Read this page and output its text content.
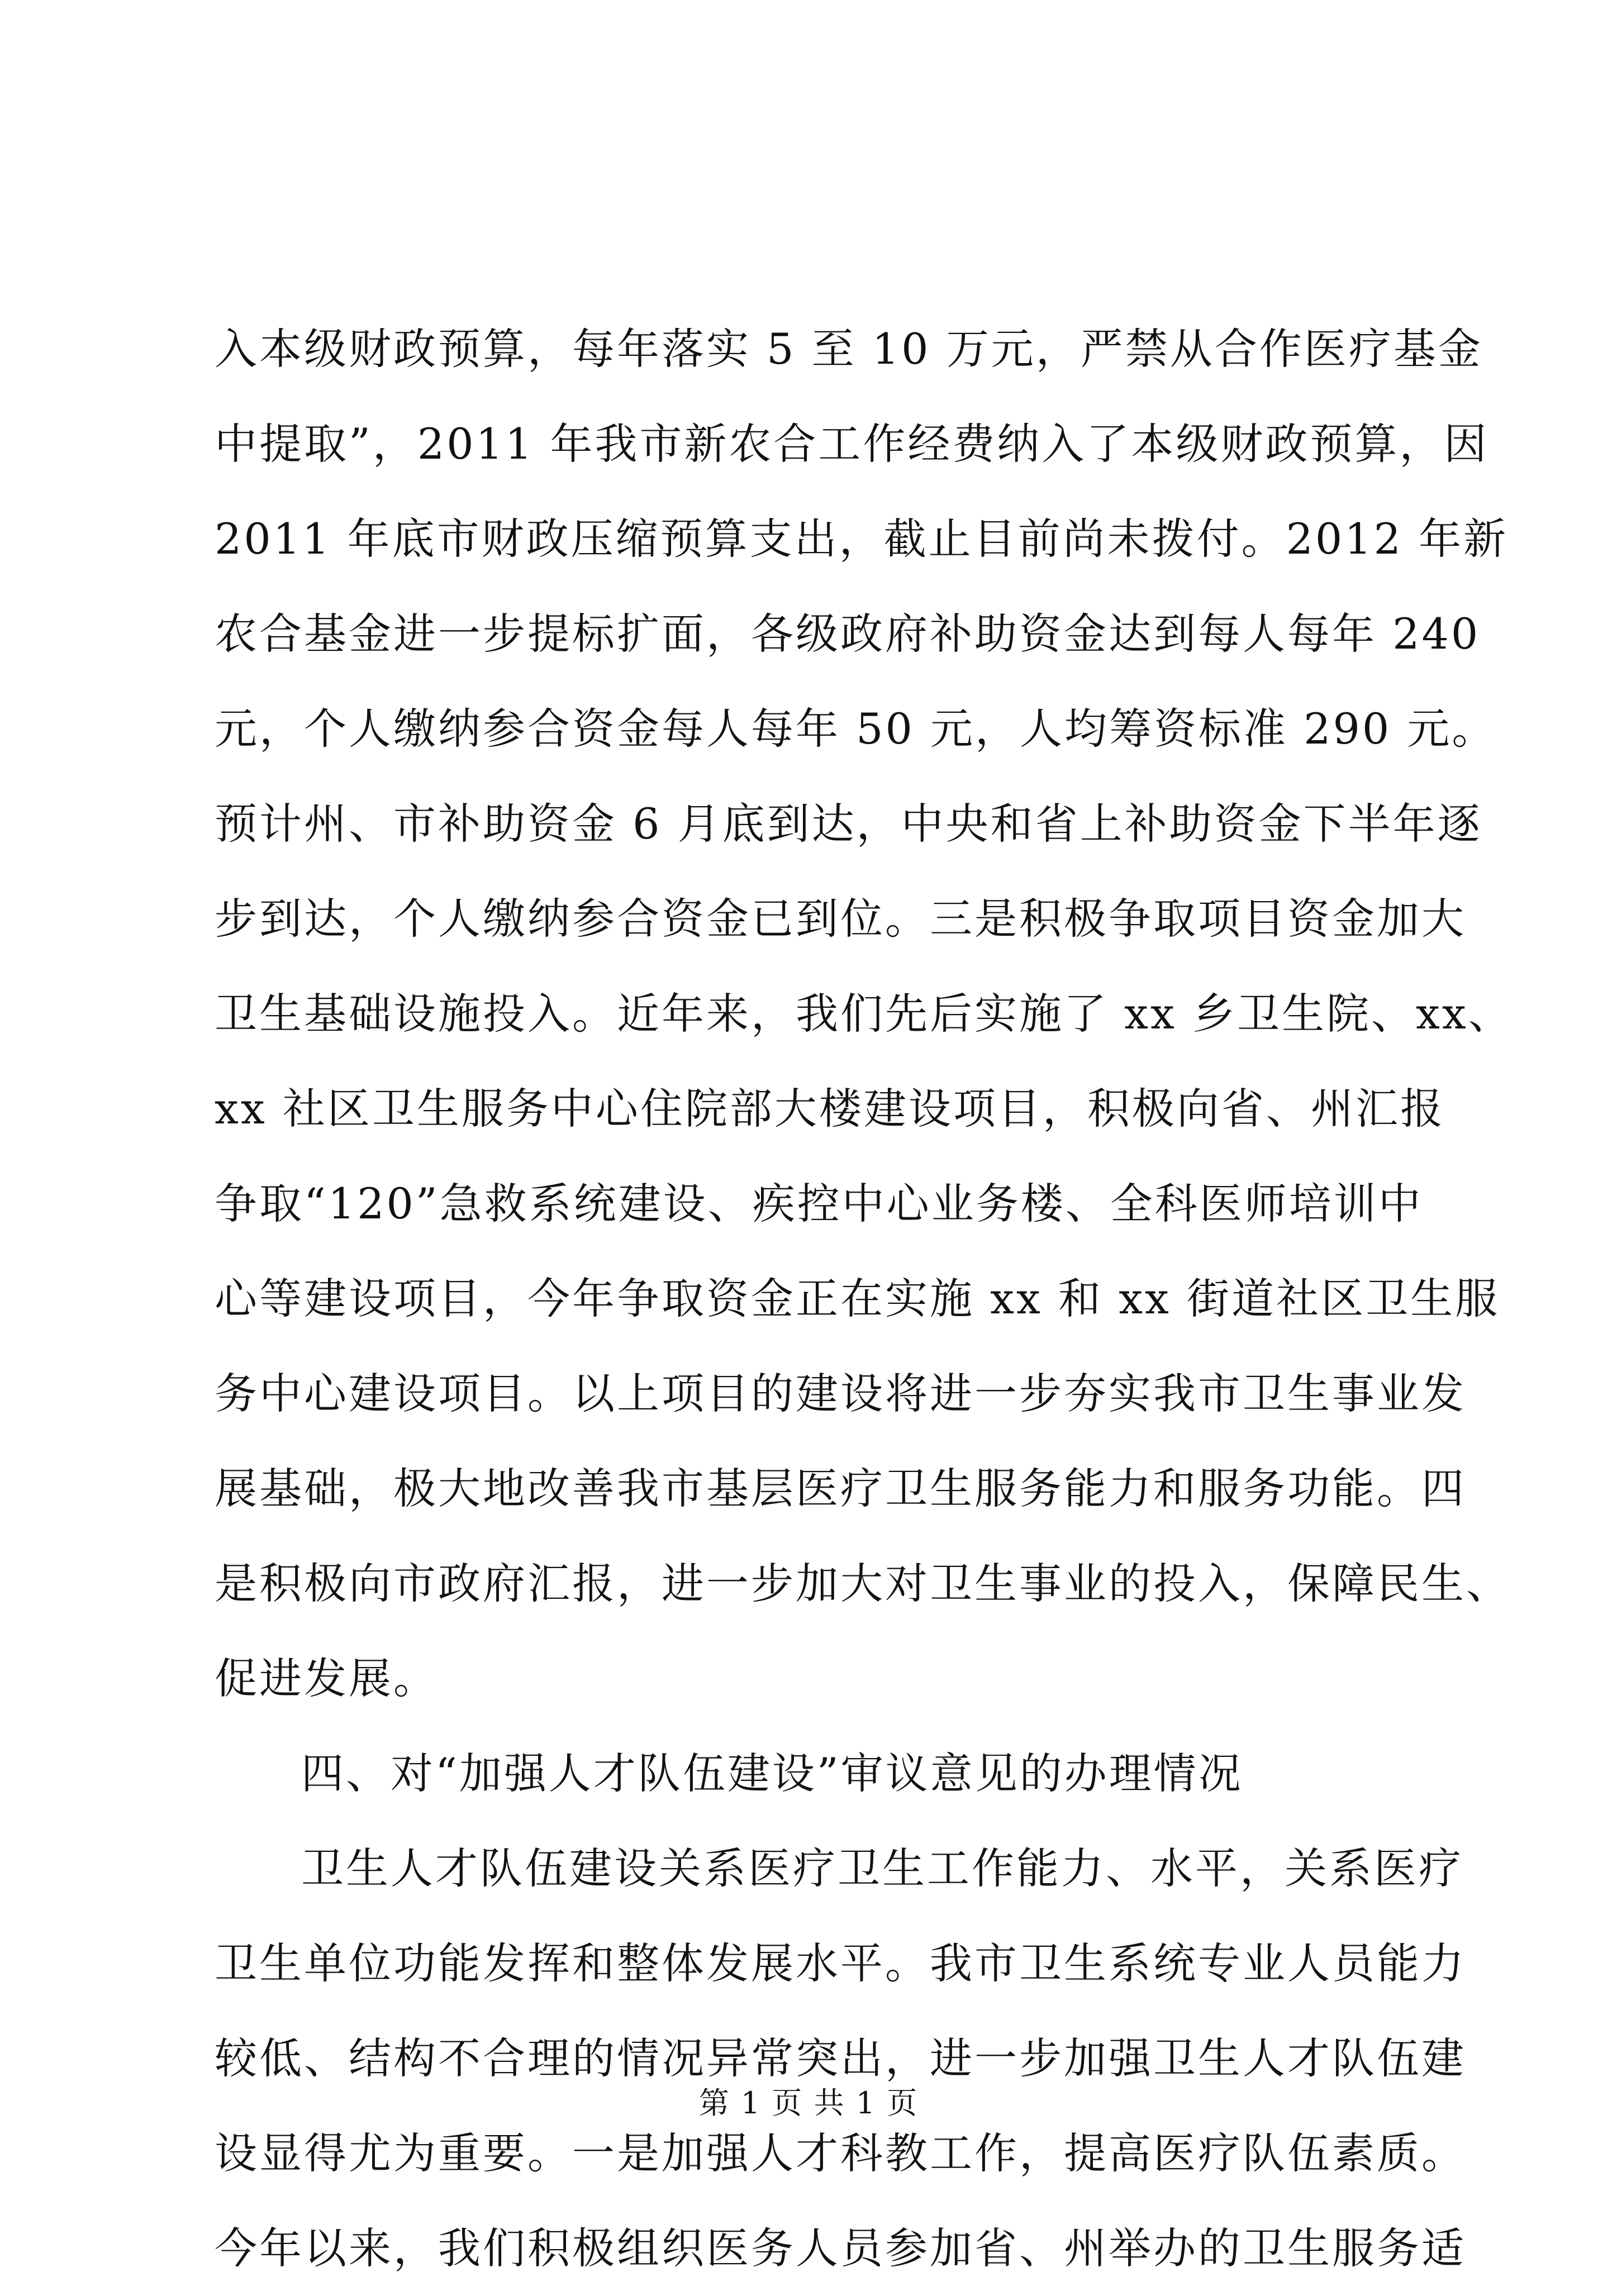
入本级财政预算，每年落实 5 至 10 万元，严禁从合作医疗基金
中提取”，2011 年我市新农合工作经费纳入了本级财政预算，因
2011 年底市财政压缩预算支出，截止目前尚未拨付。2012 年新
农合基金进一步提标扩面，各级政府补助资金达到每人每年 240
元，个人缴纳参合资金每人每年 50 元，人均筹资标准 290 元。
预计州、市补助资金 6 月底到达，中央和省上补助资金下半年逐
步到达，个人缴纳参合资金已到位。三是积极争取项目资金加大
卫生基础设施投入。近年来，我们先后实施了 xx 乡卫生院、xx、
xx 社区卫生服务中心住院部大楼建设项目，积极向省、州汇报
争取“120”急救系统建设、疾控中心业务楼、全科医师培训中
心等建设项目，今年争取资金正在实施 xx 和 xx 街道社区卫生服
务中心建设项目。以上项目的建设将进一步夯实我市卫生事业发
展基础，极大地改善我市基层医疗卫生服务能力和服务功能。四
是积极向市政府汇报，进一步加大对卫生事业的投入，保障民生、
促进发展。
四、对“加强人才队伍建设”审议意见的办理情况
卫生人才队伍建设关系医疗卫生工作能力、水平，关系医疗
卫生单位功能发挥和整体发展水平。我市卫生系统专业人员能力
较低、结构不合理的情况异常突出，进一步加强卫生人才队伍建
设显得尤为重要。一是加强人才科教工作，提高医疗队伍素质。
今年以来，我们积极组织医务人员参加省、州举办的卫生服务适
第 1 页 共 1 页
